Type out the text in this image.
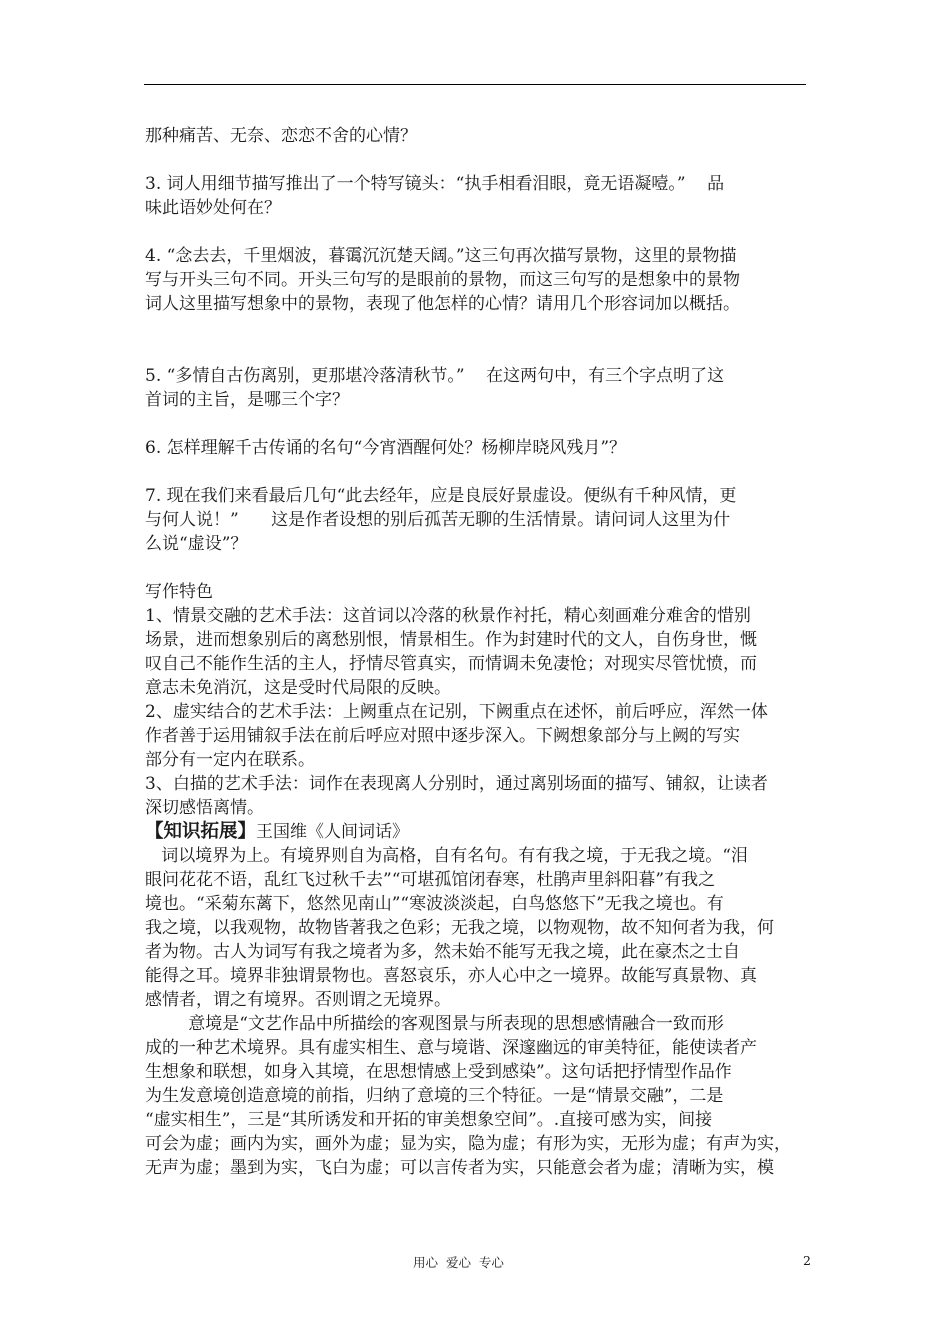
那种痛苦、无奈、恋恋不舍的心情？
3. 词人用细节描写推出了一个特写镜头：“执手相看泪眼，竟无语凝噎。”    品
味此语妙处何在？
4. “念去去，千里烟波，暮霭沉沉楚天阔。”这三句再次描写景物，这里的景物描
写与开头三句不同。开头三句写的是眼前的景物，而这三句写的是想象中的景物
词人这里描写想象中的景物，表现了他怎样的心情？请用几个形容词加以概括。
5. “多情自古伤离别，更那堪冷落清秋节。”    在这两句中，有三个字点明了这
首词的主旨，是哪三个字？
6. 怎样理解千古传诵的名句“今宵酒醒何处？杨柳岸晓风残月”？
7. 现在我们来看最后几句“此去经年，应是良辰好景虚设。便纵有千种风情，更
与何人说！”      这是作者设想的别后孤苦无聊的生活情景。请问词人这里为什
么说“虚设”？
写作特色
1、情景交融的艺术手法：这首词以冷落的秋景作衬托，精心刻画难分难舍的惜别
场景，进而想象别后的离愁别恨，情景相生。作为封建时代的文人，自伤身世，慨
叹自己不能作生活的主人，抒情尽管真实，而情调未免凄怆；对现实尽管忧愤，而
意志未免消沉，这是受时代局限的反映。
2、虚实结合的艺术手法：上阙重点在记别，下阙重点在述怀，前后呼应，浑然一体
作者善于运用铺叙手法在前后呼应对照中逐步深入。下阙想象部分与上阙的写实
部分有一定内在联系。
3、白描的艺术手法：词作在表现离人分别时，通过离别场面的描写、铺叙，让读者
深切感悟离情。
【知识拓展】王国维《人间词话》
词以境界为上。有境界则自为高格，自有名句。有有我之境，于无我之境。“泪
眼问花花不语，乱红飞过秋千去”“可堪孤馆闭春寒，杜鹃声里斜阳暮”有我之
境也。“采菊东蓠下，悠然见南山”“寒波淡淡起，白鸟悠悠下”无我之境也。有
我之境，以我观物，故物皆著我之色彩；无我之境，以物观物，故不知何者为我，何
者为物。古人为词写有我之境者为多，然未始不能写无我之境，此在豪杰之士自
能得之耳。境界非独谓景物也。喜怒哀乐，亦人心中之一境界。故能写真景物、真
感情者，谓之有境界。否则谓之无境界。
意境是“文艺作品中所描绘的客观图景与所表现的思想感情融合一致而形
成的一种艺术境界。具有虚实相生、意与境谐、深邃幽远的审美特征，能使读者产
生想象和联想，如身入其境，在思想情感上受到感染”。这句话把抒情型作品作
为生发意境创造意境的前指，归纳了意境的三个特征。一是“情景交融”，二是
“虚实相生”，三是“其所诱发和开拓的审美想象空间”。.直接可感为实，间接
可会为虚；画内为实，画外为虚；显为实，隐为虚；有形为实，无形为虚；有声为实，
无声为虚；墨到为实，飞白为虚；可以言传者为实，只能意会者为虚；清晰为实，模
用心  爱心  专心	2
